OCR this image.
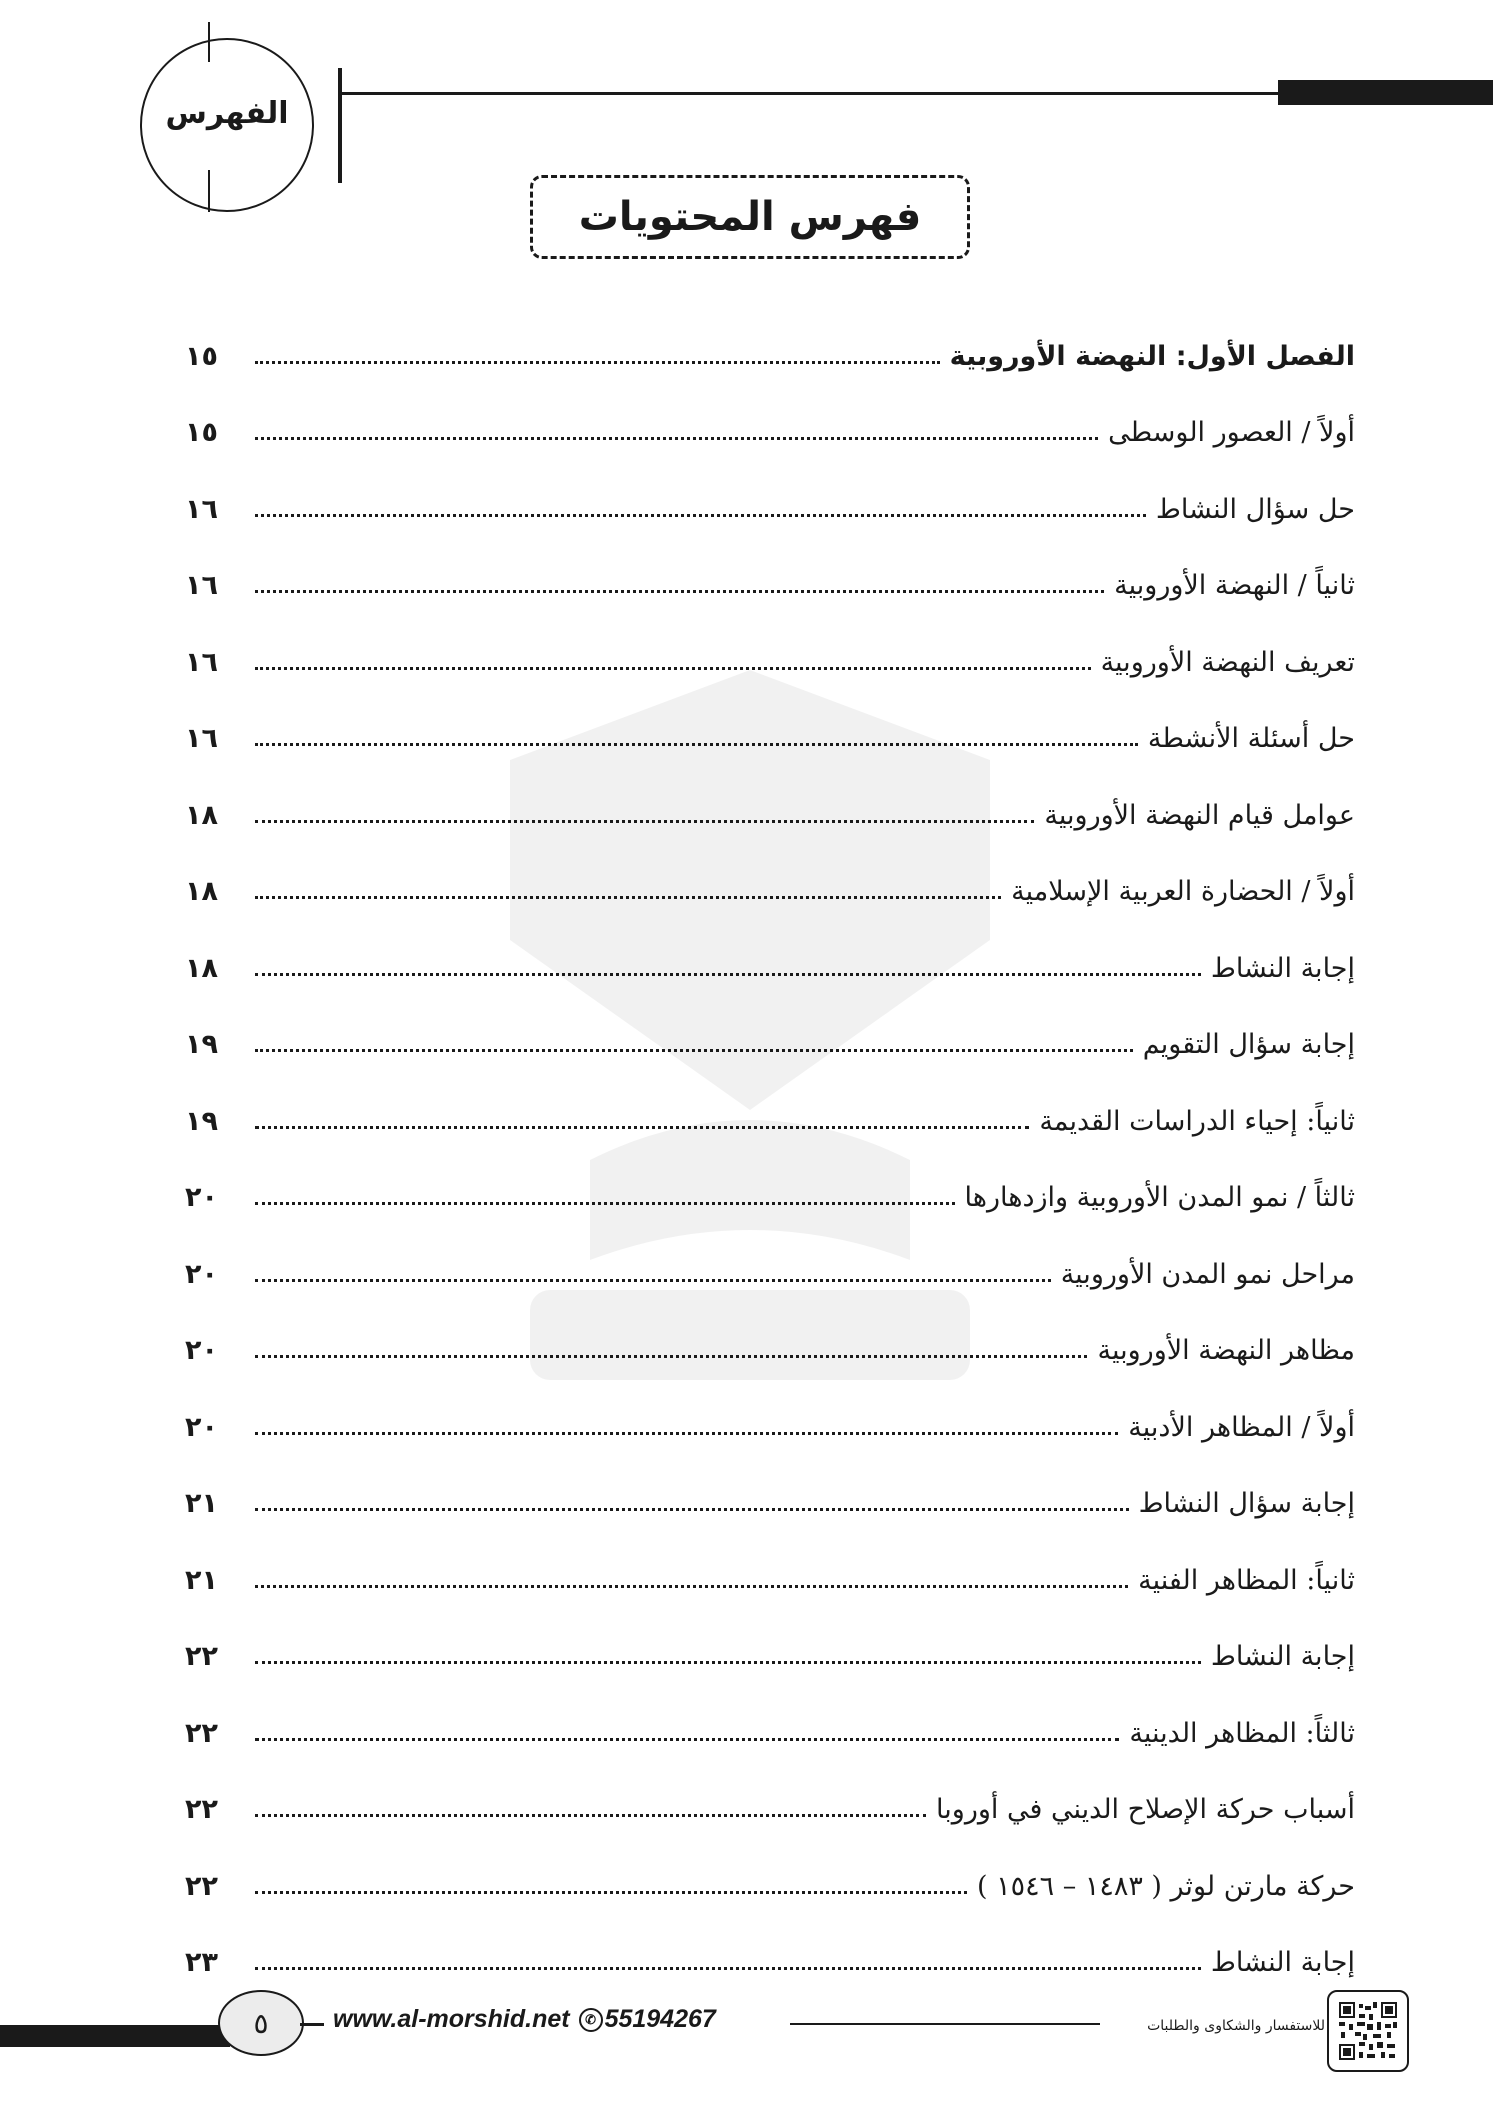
الفهرس
فهرس المحتويات
الفصل الأول: النهضة الأوروبية
١٥
أولاً / العصور الوسطى
١٥
حل سؤال النشاط
١٦
ثانياً / النهضة الأوروبية
١٦
تعريف النهضة الأوروبية
١٦
حل أسئلة الأنشطة
١٦
عوامل قيام النهضة الأوروبية
١٨
أولاً / الحضارة العربية الإسلامية
١٨
إجابة النشاط
١٨
إجابة سؤال التقويم
١٩
ثانياً: إحياء الدراسات القديمة
١٩
ثالثاً / نمو المدن الأوروبية وازدهارها
٢٠
مراحل نمو المدن الأوروبية
٢٠
مظاهر النهضة الأوروبية
٢٠
أولاً / المظاهر الأدبية
٢٠
إجابة سؤال النشاط
٢١
ثانياً: المظاهر الفنية
٢١
إجابة النشاط
٢٢
ثالثاً: المظاهر الدينية
٢٢
أسباب حركة الإصلاح الديني في أوروبا
٢٢
حركة مارتن لوثر ( ١٤٨٣ – ١٥٤٦ )
٢٢
إجابة النشاط
٢٣
٥	www.al-morshid.net ✆ 55194267	للاستفسار والشكاوى والطلبات
